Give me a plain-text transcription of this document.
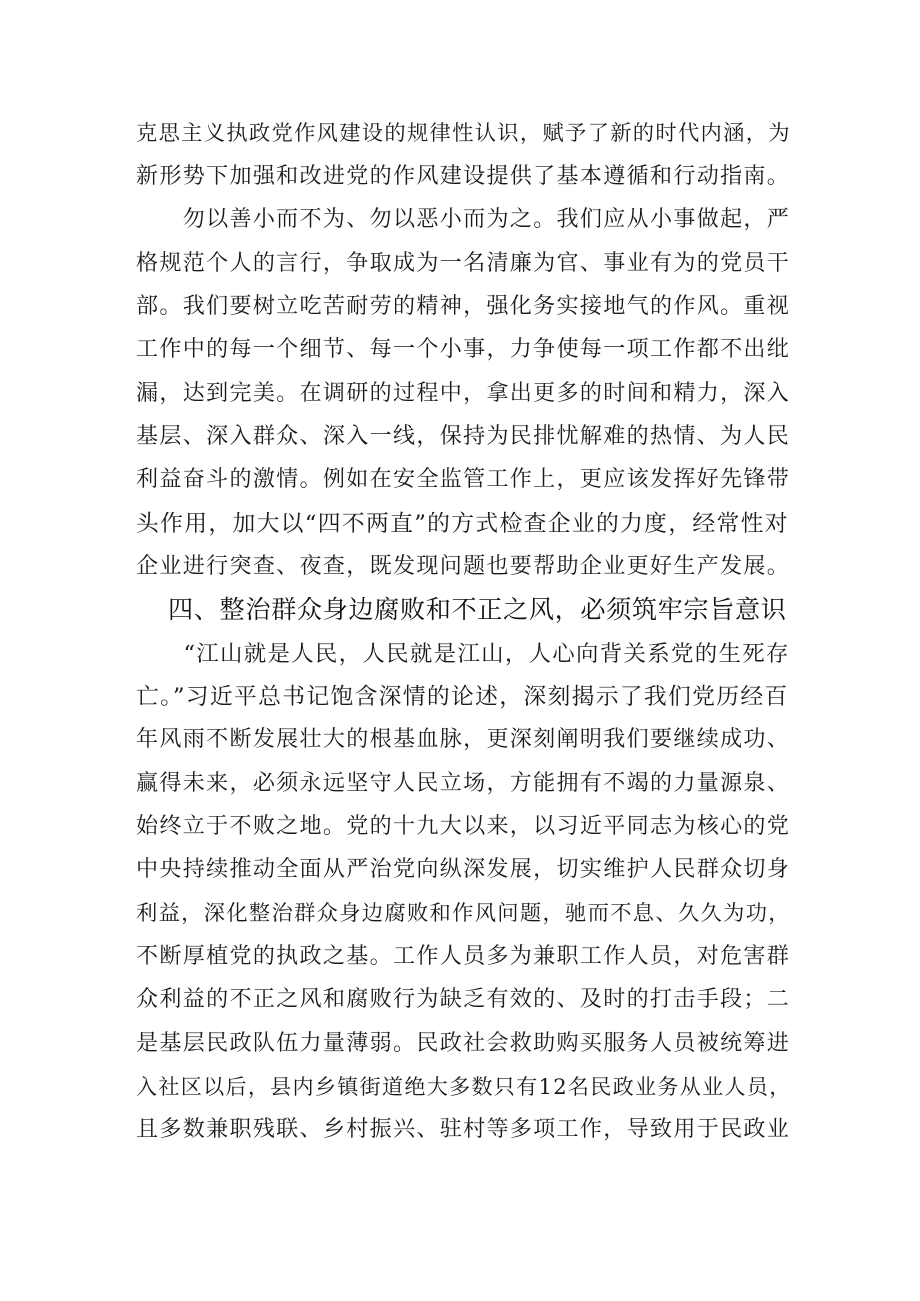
克思主义执政党作风建设的规律性认识，赋予了新的时代内涵，为
新形势下加强和改进党的作风建设提供了基本遵循和行动指南。
　　勿以善小而不为、勿以恶小而为之。我们应从小事做起，严
格规范个人的言行，争取成为一名清廉为官、事业有为的党员干
部。我们要树立吃苦耐劳的精神，强化务实接地气的作风。重视
工作中的每一个细节、每一个小事，力争使每一项工作都不出纰
漏，达到完美。在调研的过程中，拿出更多的时间和精力，深入
基层、深入群众、深入一线，保持为民排忧解难的热情、为人民
利益奋斗的激情。例如在安全监管工作上，更应该发挥好先锋带
头作用，加大以“四不两直”的方式检查企业的力度，经常性对
企业进行突查、夜查，既发现问题也要帮助企业更好生产发展。
四、整治群众身边腐败和不正之风，必须筑牢宗旨意识
　　“江山就是人民，人民就是江山，人心向背关系党的生死存
亡。”习近平总书记饱含深情的论述，深刻揭示了我们党历经百
年风雨不断发展壮大的根基血脉，更深刻阐明我们要继续成功、
赢得未来，必须永远坚守人民立场，方能拥有不竭的力量源泉、
始终立于不败之地。党的十九大以来，以习近平同志为核心的党
中央持续推动全面从严治党向纵深发展，切实维护人民群众切身
利益，深化整治群众身边腐败和作风问题，驰而不息、久久为功，
不断厚植党的执政之基。工作人员多为兼职工作人员，对危害群
众利益的不正之风和腐败行为缺乏有效的、及时的打击手段；二
是基层民政队伍力量薄弱。民政社会救助购买服务人员被统筹进
入社区以后，县内乡镇街道绝大多数只有12名民政业务从业人员，
且多数兼职残联、乡村振兴、驻村等多项工作，导致用于民政业
